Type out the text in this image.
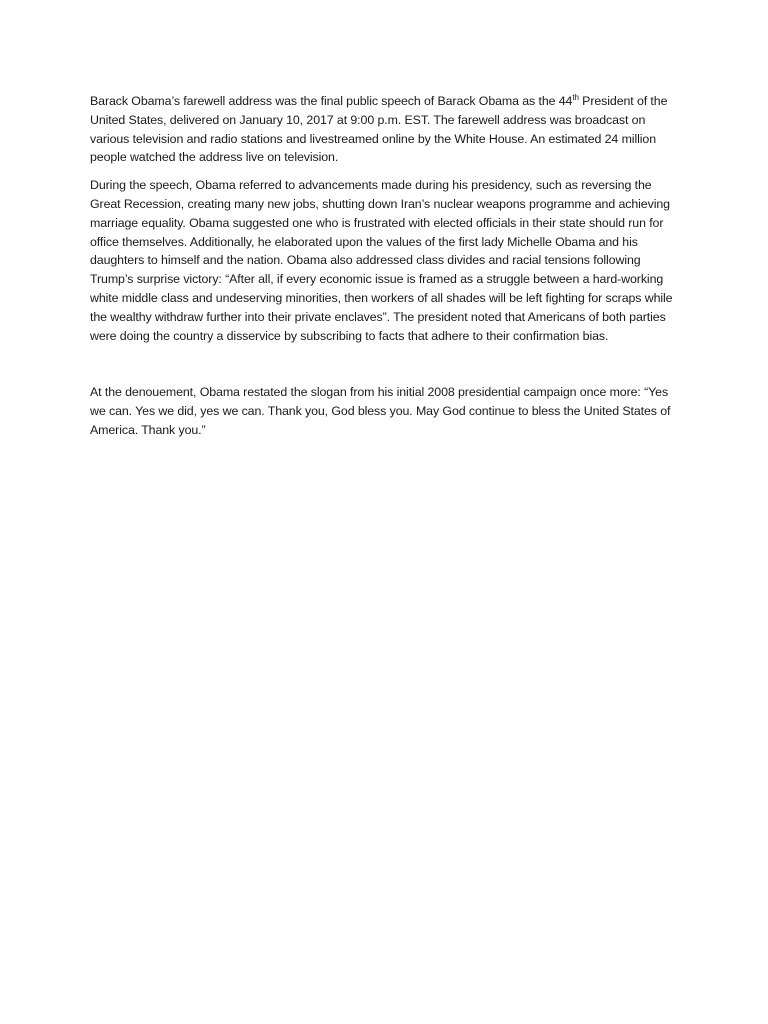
Barack Obama’s farewell address was the final public speech of Barack Obama as the 44th President of the United States, delivered on January 10, 2017 at 9:00 p.m. EST. The farewell address was broadcast on various television and radio stations and livestreamed online by the White House. An estimated 24 million people watched the address live on television.

During the speech, Obama referred to advancements made during his presidency, such as reversing the Great Recession, creating many new jobs, shutting down Iran’s nuclear weapons programme and achieving marriage equality. Obama suggested one who is frustrated with elected officials in their state should run for office themselves. Additionally, he elaborated upon the values of the first lady Michelle Obama and his daughters to himself and the nation. Obama also addressed class divides and racial tensions following Trump’s surprise victory: “After all, if every economic issue is framed as a struggle between a hard-working white middle class and undeserving minorities, then workers of all shades will be left fighting for scraps while the wealthy withdraw further into their private enclaves”. The president noted that Americans of both parties were doing the country a disservice by subscribing to facts that adhere to their confirmation bias.

At the denouement, Obama restated the slogan from his initial 2008 presidential campaign once more: “Yes we can. Yes we did, yes we can. Thank you, God bless you. May God continue to bless the United States of America. Thank you.”
